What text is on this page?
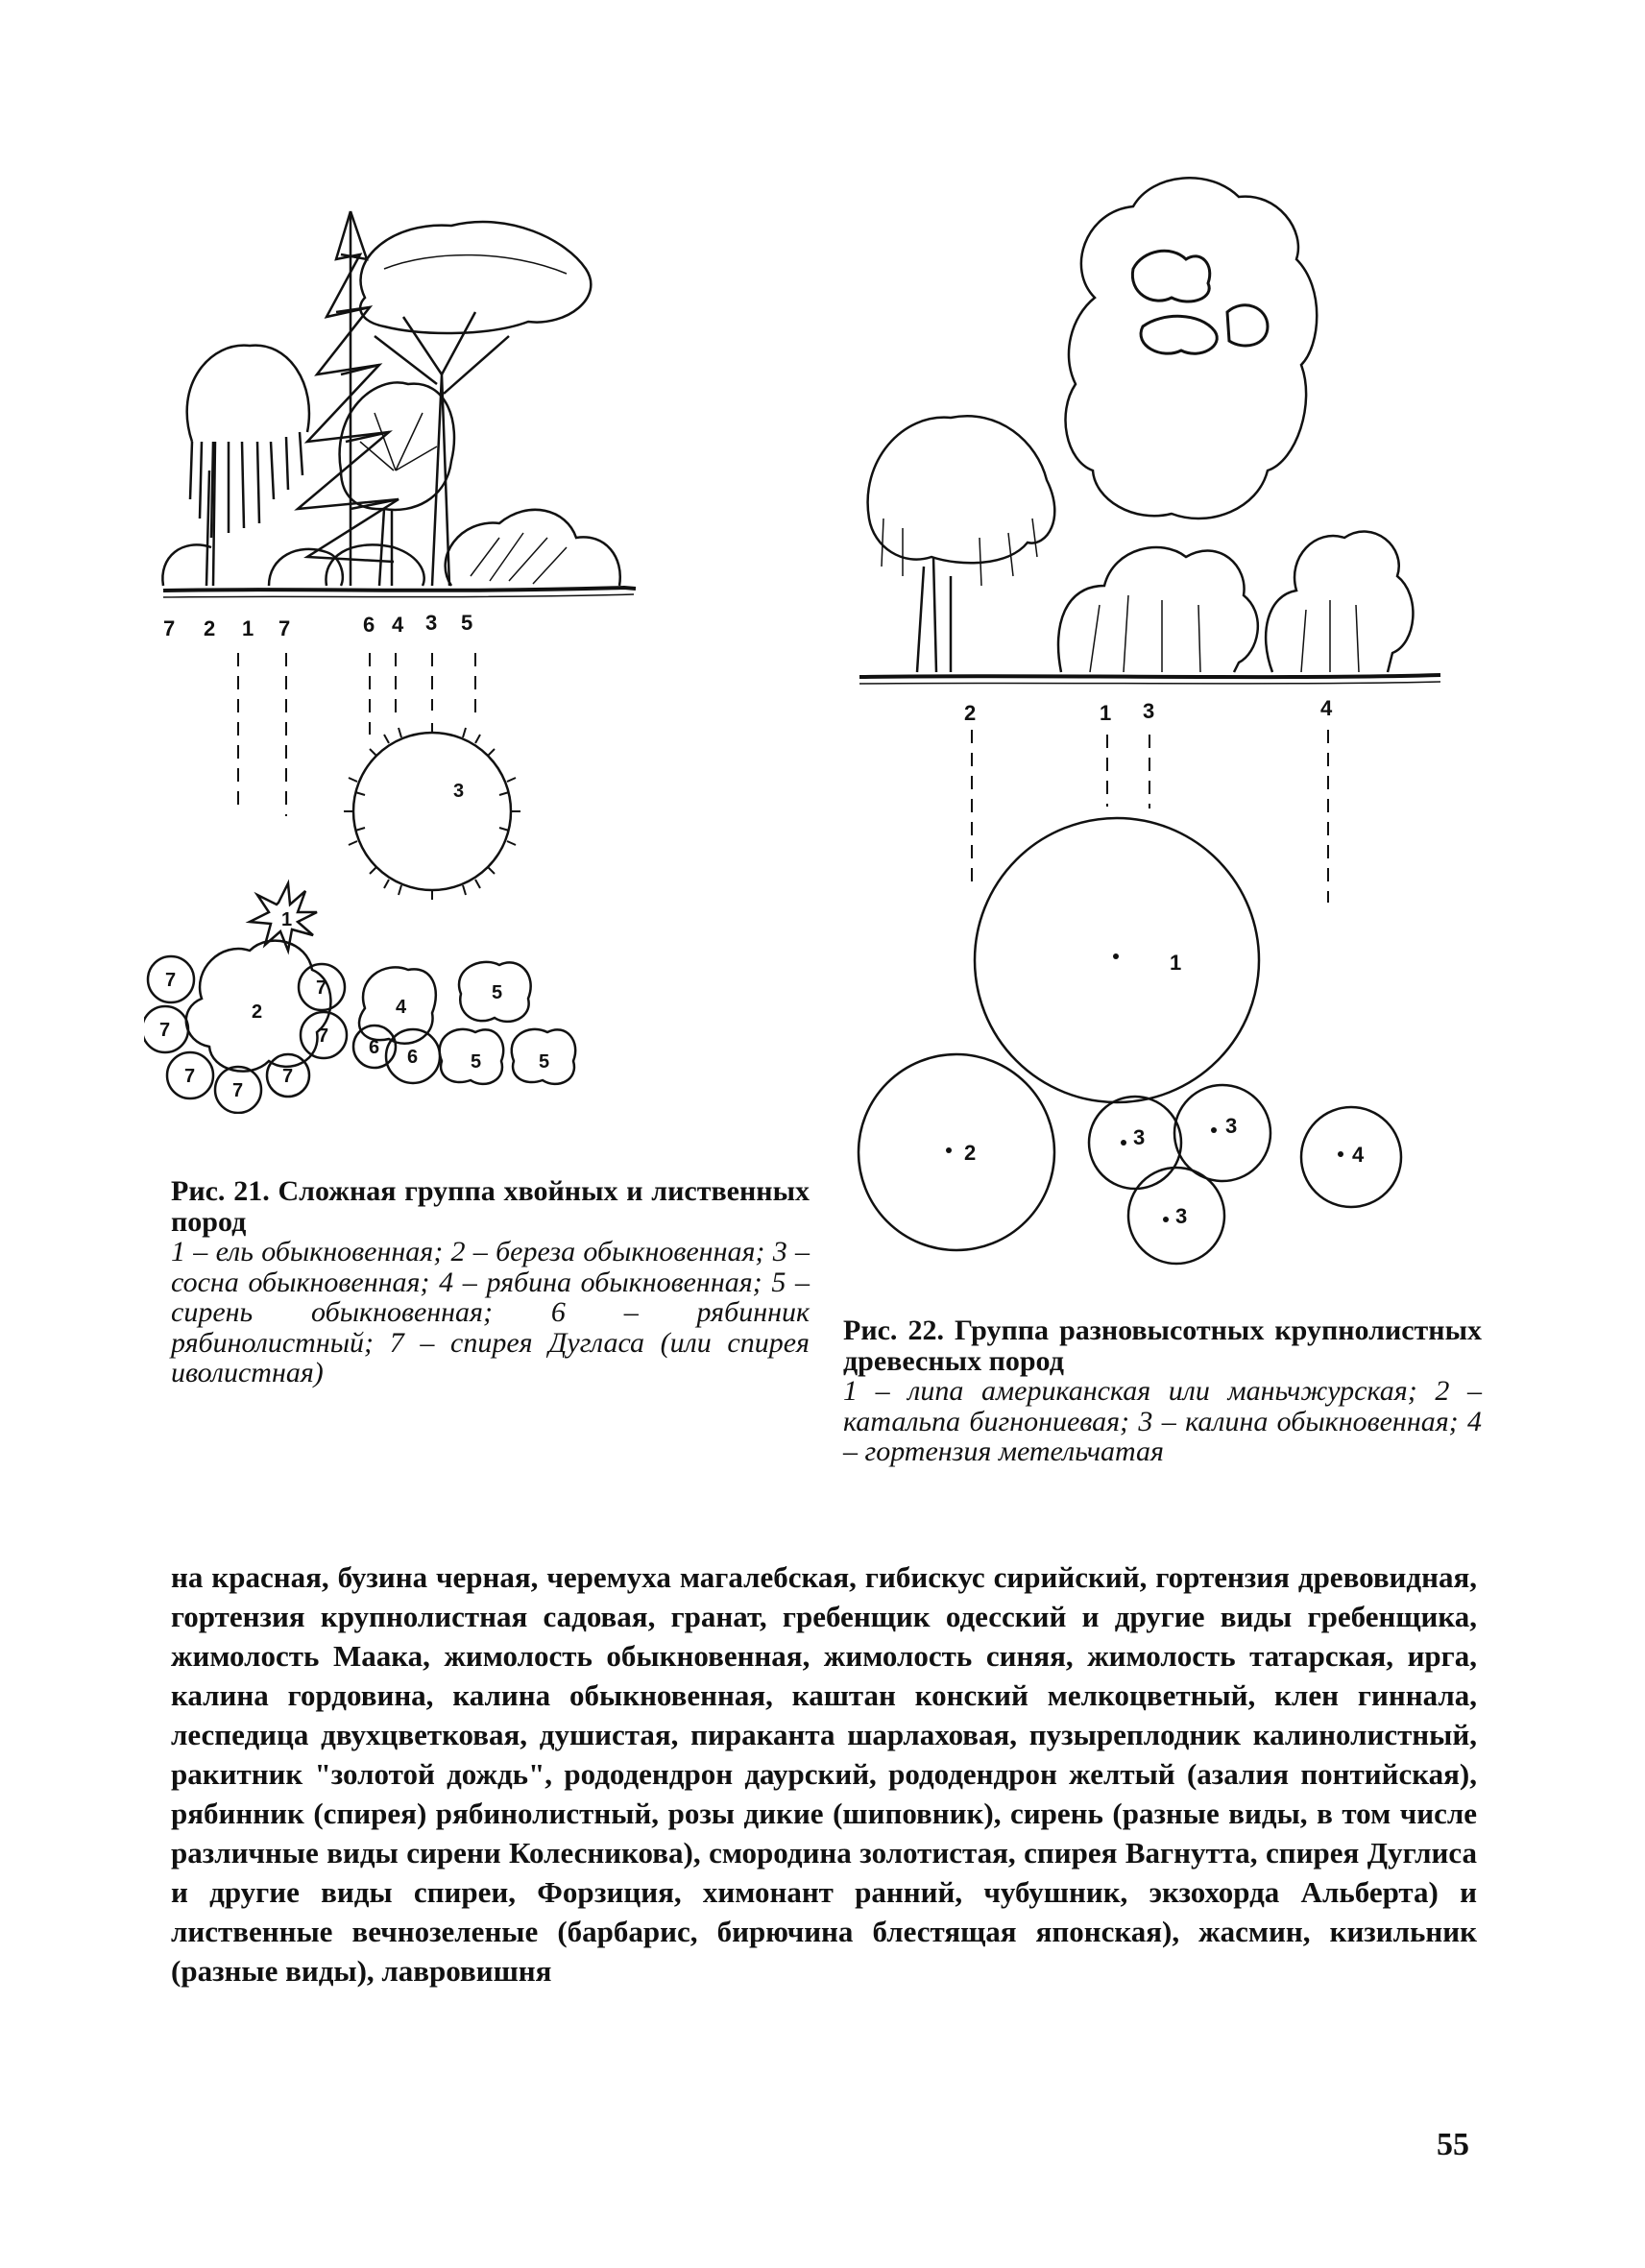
7 2 1 7	6 4 3 5
1
2
3
4
5
5	5
6 6
7
7
7
7
7
7
7
2	1 3	4
1
2
3	3
3
4
Рис. 21. Сложная группа хвойных и лиственных пород
1 – ель обыкновенная; 2 – береза обыкновенная; 3 – сосна обыкновенная; 4 – рябина обыкновенная; 5 – сирень обыкновенная; 6 – рябинник рябинолистный; 7 – спирея Дугласа (или спирея иволистная)
Рис. 22. Группа разновысотных крупнолистных древесных пород
1 – липа американская или маньчжурская; 2 – катальпа бигнониевая; 3 – калина обыкновенная; 4 – гортензия метельчатая
на красная, бузина черная, черемуха магалебская, гибискус сирийский, гортензия древовидная, гортензия крупнолистная садовая, гранат, гребенщик одесский и другие виды гребенщика, жимолость Маака, жимолость обыкновенная, жимолость синяя, жимолость татарская, ирга, калина гордовина, калина обыкновенная, каштан конский мелкоцветный, клен гиннала, леспедица двухцветковая, душистая, пираканта шарлаховая, пузыреплодник калинолистный, ракитник "золотой дождь", рододендрон даурский, рододендрон желтый (азалия понтийская), рябинник (спирея) рябинолистный, розы дикие (шиповник), сирень (разные виды, в том числе различные виды сирени Колесникова), смородина золотистая, спирея Вагнутта, спирея Дуглиса и другие виды спиреи, Форзиция, химонант ранний, чубушник, экзохорда Альберта) и лиственные вечнозеленые (барбарис, бирючина блестящая японская), жасмин, кизильник (разные виды), лавровишня
55
